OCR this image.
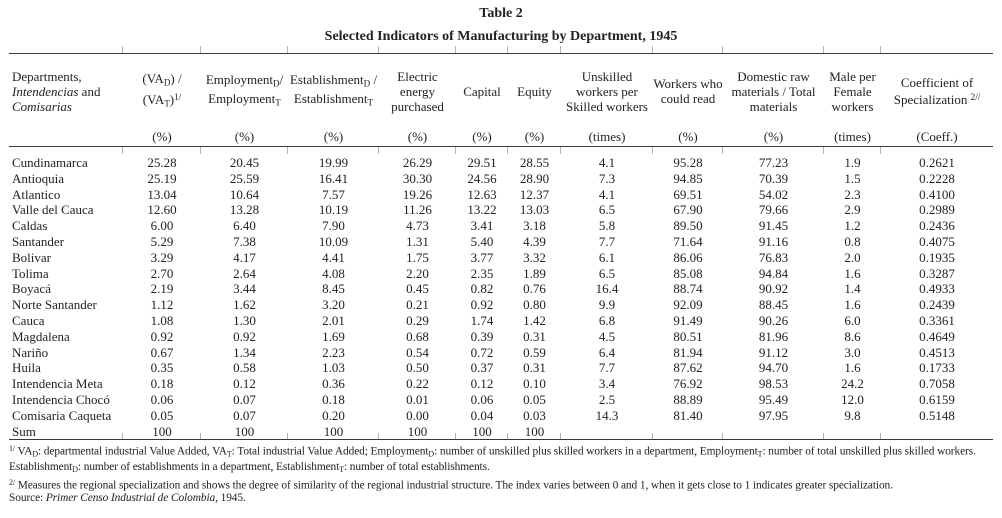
Table 2
Selected Indicators of Manufacturing by Department, 1945
Departments, Intendencias and Comisarias	$(VA_D) / (VA_T)^{1/}$	Employment$_D$/ Employment$_T$	Establishment$_D$ / Establishment$_T$	Electric energy purchased	Capital	Equity	Unskilled workers per Skilled workers	Workers who could read	Domestic raw materials / Total materials	Male per Female workers	Coefficient of Specialization $^{2//}$
	(%)	(%)	(%)	(%)	(%)	(%)	(times)	(%)	(%)	(times)	(Coeff.)
Cundinamarca	25.28	20.45	19.99	26.29	29.51	28.55	4.1	95.28	77.23	1.9	0.2621
Antioquia	25.19	25.59	16.41	30.30	24.56	28.90	7.3	94.85	70.39	1.5	0.2228
Atlantico	13.04	10.64	7.57	19.26	12.63	12.37	4.1	69.51	54.02	2.3	0.4100
Valle del Cauca	12.60	13.28	10.19	11.26	13.22	13.03	6.5	67.90	79.66	2.9	0.2989
Caldas	6.00	6.40	7.90	4.73	3.41	3.18	5.8	89.50	91.45	1.2	0.2436
Santander	5.29	7.38	10.09	1.31	5.40	4.39	7.7	71.64	91.16	0.8	0.4075
Bolivar	3.29	4.17	4.41	1.75	3.77	3.32	6.1	86.06	76.83	2.0	0.1935
Tolima	2.70	2.64	4.08	2.20	2.35	1.89	6.5	85.08	94.84	1.6	0.3287
Boyacá	2.19	3.44	8.45	0.45	0.82	0.76	16.4	88.74	90.92	1.4	0.4933
Norte Santander	1.12	1.62	3.20	0.21	0.92	0.80	9.9	92.09	88.45	1.6	0.2439
Cauca	1.08	1.30	2.01	0.29	1.74	1.42	6.8	91.49	90.26	6.0	0.3361
Magdalena	0.92	0.92	1.69	0.68	0.39	0.31	4.5	80.51	81.96	8.6	0.4649
Nariño	0.67	1.34	2.23	0.54	0.72	0.59	6.4	81.94	91.12	3.0	0.4513
Huila	0.35	0.58	1.03	0.50	0.37	0.31	7.7	87.62	94.70	1.6	0.1733
Intendencia Meta	0.18	0.12	0.36	0.22	0.12	0.10	3.4	76.92	98.53	24.2	0.7058
Intendencia Chocó	0.06	0.07	0.18	0.01	0.06	0.05	2.5	88.89	95.49	12.0	0.6159
Comisaria Caqueta	0.05	0.07	0.20	0.00	0.04	0.03	14.3	81.40	97.95	9.8	0.5148
Sum	100	100	100	100	100	100					
$^{1/}$ $VA_D$: departmental industrial Value Added, $VA_T$: Total industrial Value Added; Employment$_D$: number of unskilled plus skilled workers in a department, Employment$_T$: number of total unskilled plus skilled workers. Establishment$_D$: number of establishments in a department, Establishment$_T$: number of total establishments.
$^{2/}$ Measures the regional specialization and shows the degree of similarity of the regional industrial structure. The index varies between 0 and 1, when it gets close to 1 indicates greater specialization.
Source: Primer Censo Industrial de Colombia, 1945.
